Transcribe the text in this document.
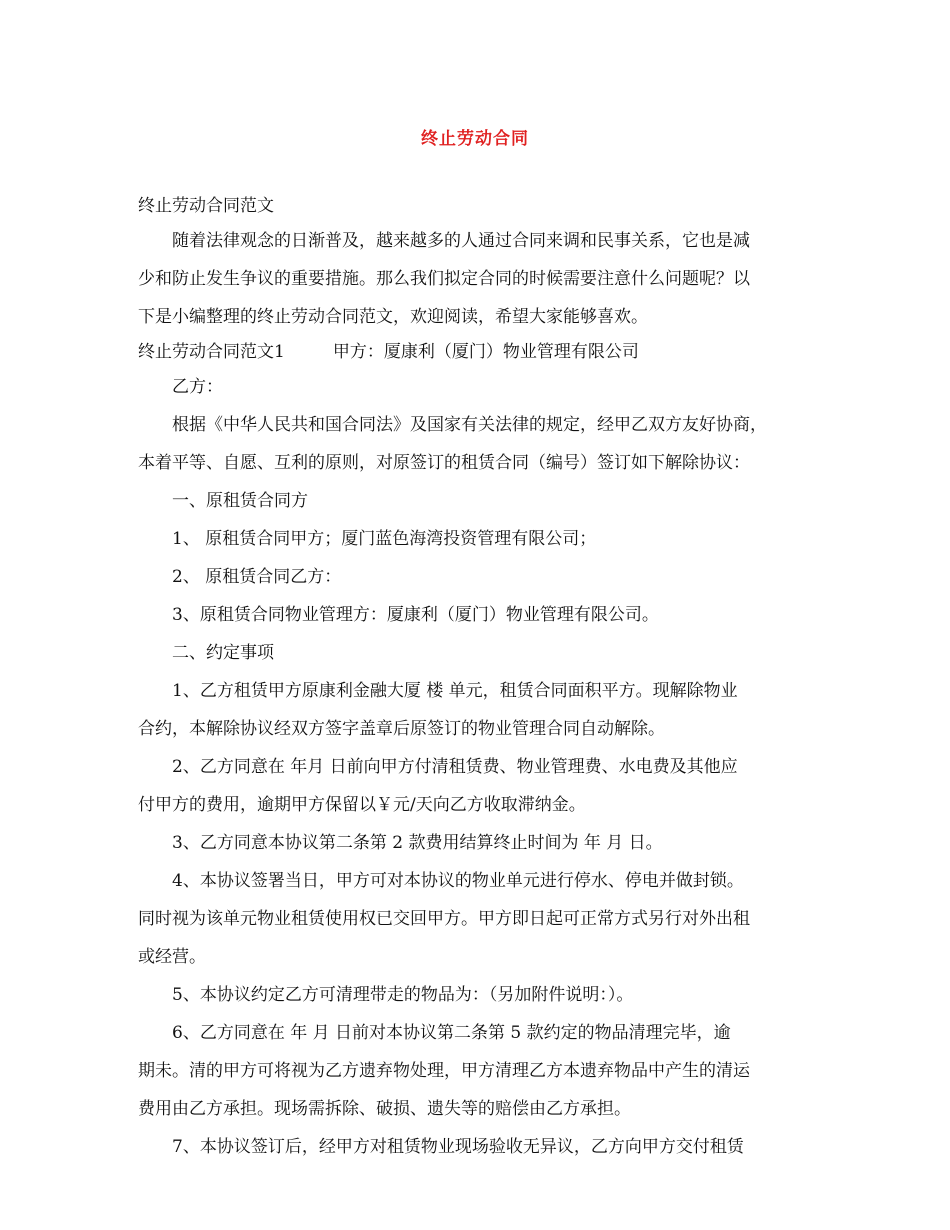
终止劳动合同
终止劳动合同范文
随着法律观念的日渐普及，越来越多的人通过合同来调和民事关系，它也是减
少和防止发生争议的重要措施。那么我们拟定合同的时候需要注意什么问题呢？以
下是小编整理的终止劳动合同范文，欢迎阅读，希望大家能够喜欢。
终止劳动合同范文1	甲方：厦康利（厦门）物业管理有限公司
乙方：
根据《中华人民共和国合同法》及国家有关法律的规定，经甲乙双方友好协商，
本着平等、自愿、互利的原则，对原签订的租赁合同（编号）签订如下解除协议：
一、原租赁合同方
1、 原租赁合同甲方；厦门蓝色海湾投资管理有限公司；
2、 原租赁合同乙方：
3、原租赁合同物业管理方：厦康利（厦门）物业管理有限公司。
二、约定事项
1、乙方租赁甲方原康利金融大厦 楼 单元，租赁合同面积平方。现解除物业
合约，本解除协议经双方签字盖章后原签订的物业管理合同自动解除。
2、乙方同意在 年月 日前向甲方付清租赁费、物业管理费、水电费及其他应
付甲方的费用，逾期甲方保留以￥元/天向乙方收取滞纳金。
3、乙方同意本协议第二条第 2 款费用结算终止时间为 年 月 日。
4、本协议签署当日，甲方可对本协议的物业单元进行停水、停电并做封锁。
同时视为该单元物业租赁使用权已交回甲方。甲方即日起可正常方式另行对外出租
或经营。
5、本协议约定乙方可清理带走的物品为：（另加附件说明：）。
6、乙方同意在 年 月 日前对本协议第二条第 5 款约定的物品清理完毕，逾
期未。清的甲方可将视为乙方遗弃物处理，甲方清理乙方本遗弃物品中产生的清运
费用由乙方承担。现场需拆除、破损、遗失等的赔偿由乙方承担。
7、本协议签订后，经甲方对租赁物业现场验收无异议，乙方向甲方交付租赁
